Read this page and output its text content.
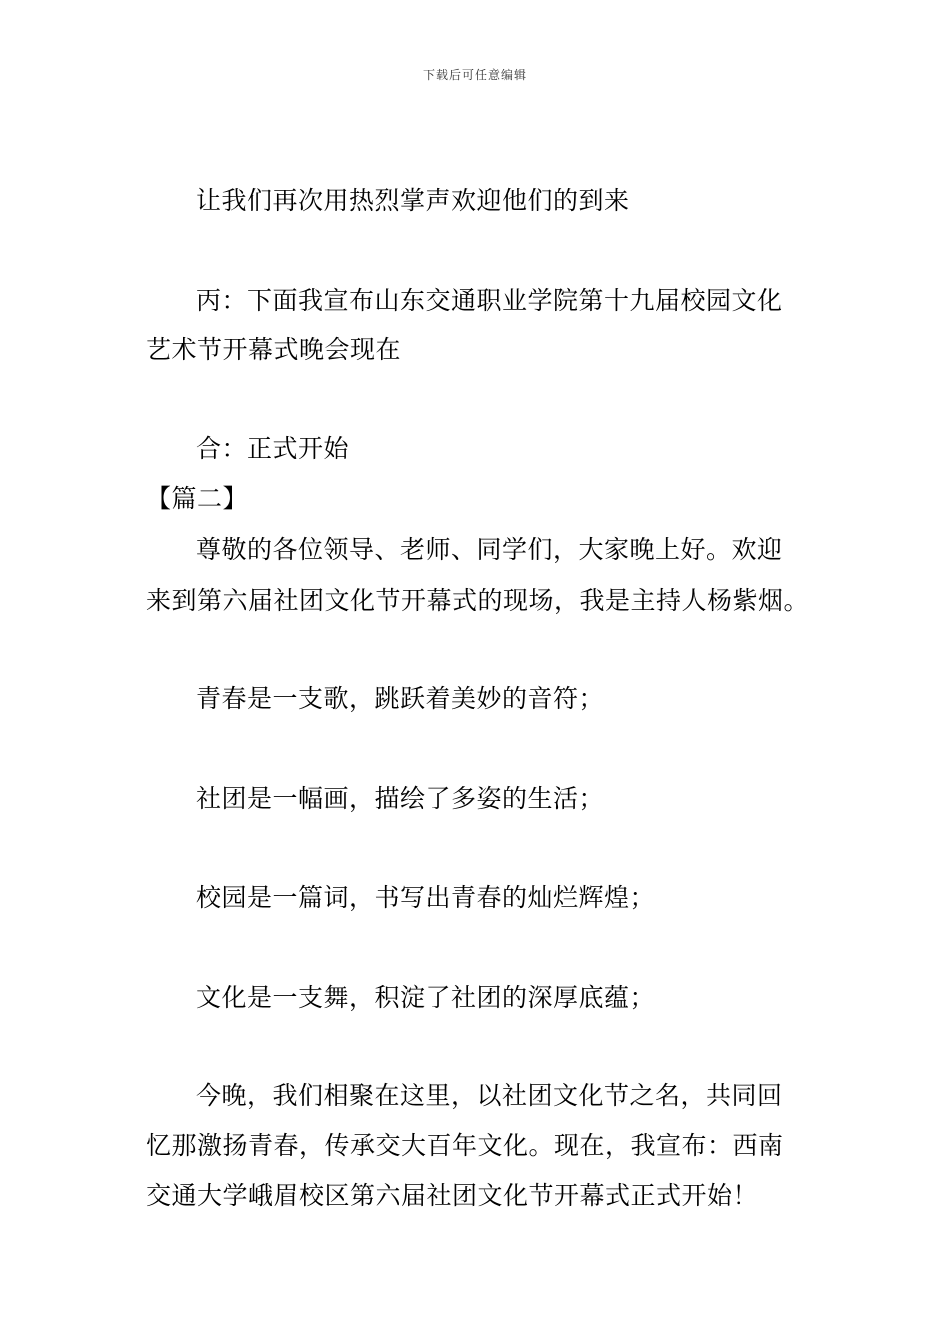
下载后可任意编辑
让我们再次用热烈掌声欢迎他们的到来
丙：下面我宣布山东交通职业学院第十九届校园文化
艺术节开幕式晚会现在
合：正式开始
【篇二】
尊敬的各位领导、老师、同学们，大家晚上好。欢迎
来到第六届社团文化节开幕式的现场，我是主持人杨紫烟。
青春是一支歌，跳跃着美妙的音符；
社团是一幅画，描绘了多姿的生活；
校园是一篇词，书写出青春的灿烂辉煌；
文化是一支舞，积淀了社团的深厚底蕴；
今晚，我们相聚在这里，以社团文化节之名，共同回
忆那激扬青春，传承交大百年文化。现在，我宣布：西南
交通大学峨眉校区第六届社团文化节开幕式正式开始！
